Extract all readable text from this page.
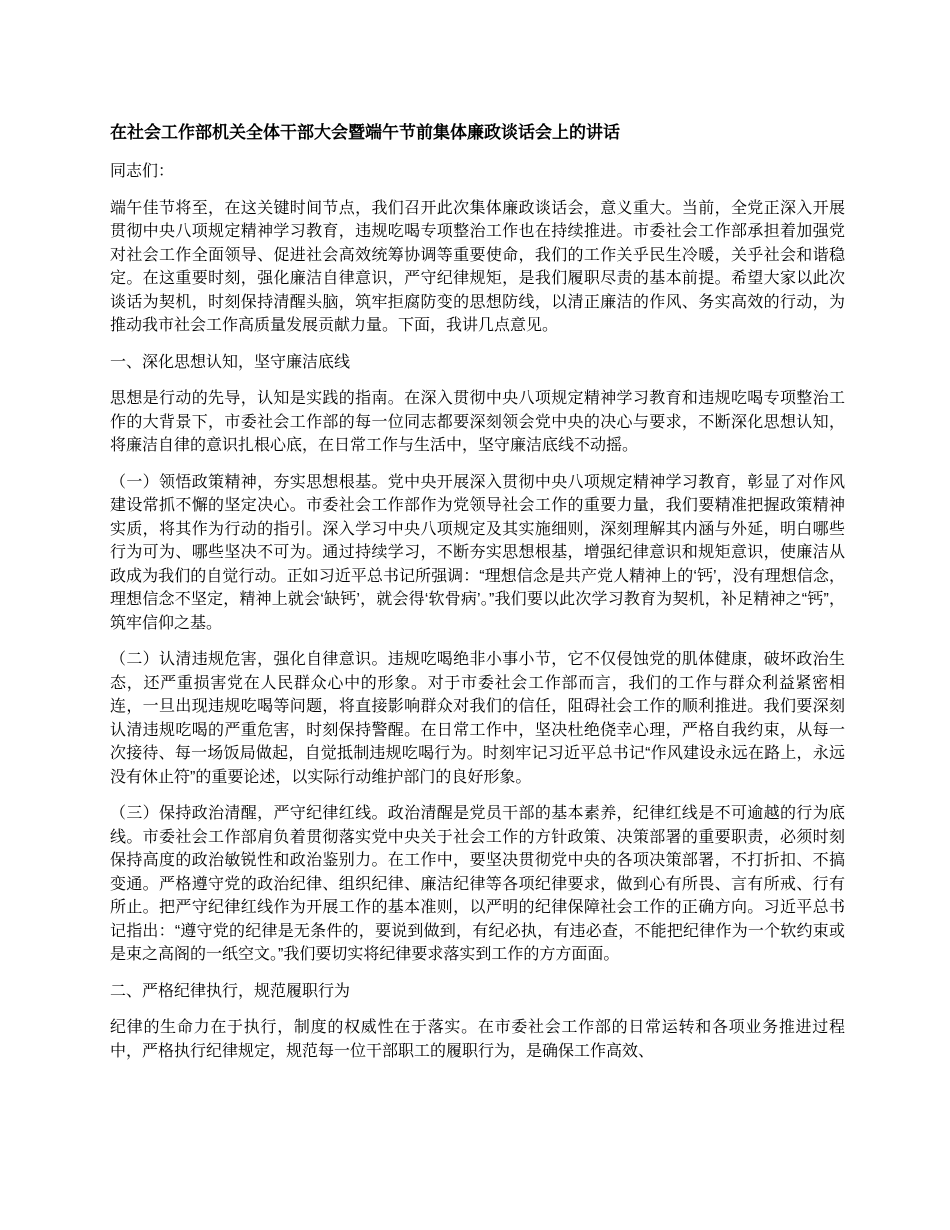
在社会工作部机关全体干部大会暨端午节前集体廉政谈话会上的讲话

同志们：

端午佳节将至，在这关键时间节点，我们召开此次集体廉政谈话会，意义重大。当前，全党正深入开展贯彻中央八项规定精神学习教育，违规吃喝专项整治工作也在持续推进。市委社会工作部承担着加强党对社会工作全面领导、促进社会高效统筹协调等重要使命，我们的工作关乎民生冷暖，关乎社会和谐稳定。在这重要时刻，强化廉洁自律意识，严守纪律规矩，是我们履职尽责的基本前提。希望大家以此次谈话为契机，时刻保持清醒头脑，筑牢拒腐防变的思想防线，以清正廉洁的作风、务实高效的行动，为推动我市社会工作高质量发展贡献力量。下面，我讲几点意见。

一、深化思想认知，坚守廉洁底线

思想是行动的先导，认知是实践的指南。在深入贯彻中央八项规定精神学习教育和违规吃喝专项整治工作的大背景下，市委社会工作部的每一位同志都要深刻领会党中央的决心与要求，不断深化思想认知，将廉洁自律的意识扎根心底，在日常工作与生活中，坚守廉洁底线不动摇。

（一）领悟政策精神，夯实思想根基。党中央开展深入贯彻中央八项规定精神学习教育，彰显了对作风建设常抓不懈的坚定决心。市委社会工作部作为党领导社会工作的重要力量，我们要精准把握政策精神实质，将其作为行动的指引。深入学习中央八项规定及其实施细则，深刻理解其内涵与外延，明白哪些行为可为、哪些坚决不可为。通过持续学习，不断夯实思想根基，增强纪律意识和规矩意识，使廉洁从政成为我们的自觉行动。正如习近平总书记所强调：“理想信念是共产党人精神上的‘钙’，没有理想信念，理想信念不坚定，精神上就会‘缺钙’，就会得‘软骨病’。”我们要以此次学习教育为契机，补足精神之“钙”，筑牢信仰之基。

（二）认清违规危害，强化自律意识。违规吃喝绝非小事小节，它不仅侵蚀党的肌体健康，破坏政治生态，还严重损害党在人民群众心中的形象。对于市委社会工作部而言，我们的工作与群众利益紧密相连，一旦出现违规吃喝等问题，将直接影响群众对我们的信任，阻碍社会工作的顺利推进。我们要深刻认清违规吃喝的严重危害，时刻保持警醒。在日常工作中，坚决杜绝侥幸心理，严格自我约束，从每一次接待、每一场饭局做起，自觉抵制违规吃喝行为。时刻牢记习近平总书记“作风建设永远在路上，永远没有休止符”的重要论述，以实际行动维护部门的良好形象。

（三）保持政治清醒，严守纪律红线。政治清醒是党员干部的基本素养，纪律红线是不可逾越的行为底线。市委社会工作部肩负着贯彻落实党中央关于社会工作的方针政策、决策部署的重要职责，必须时刻保持高度的政治敏锐性和政治鉴别力。在工作中，要坚决贯彻党中央的各项决策部署，不打折扣、不搞变通。严格遵守党的政治纪律、组织纪律、廉洁纪律等各项纪律要求，做到心有所畏、言有所戒、行有所止。把严守纪律红线作为开展工作的基本准则，以严明的纪律保障社会工作的正确方向。习近平总书记指出：“遵守党的纪律是无条件的，要说到做到，有纪必执，有违必查，不能把纪律作为一个软约束或是束之高阁的一纸空文。”我们要切实将纪律要求落实到工作的方方面面。

二、严格纪律执行，规范履职行为

纪律的生命力在于执行，制度的权威性在于落实。在市委社会工作部的日常运转和各项业务推进过程中，严格执行纪律规定，规范每一位干部职工的履职行为，是确保工作高效、
